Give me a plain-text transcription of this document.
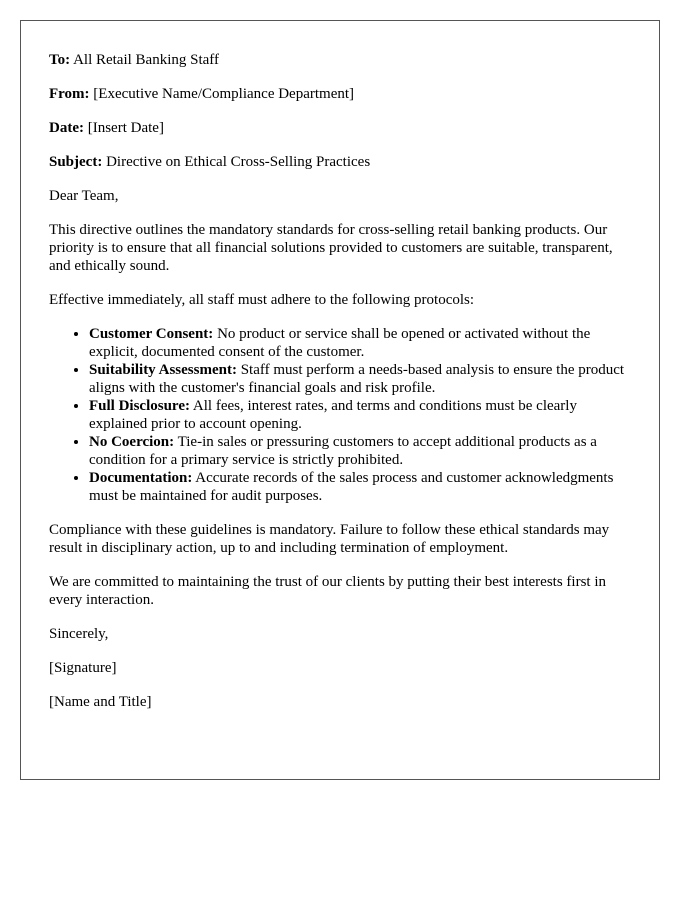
To: All Retail Banking Staff

From: [Executive Name/Compliance Department]

Date: [Insert Date]

Subject: Directive on Ethical Cross-Selling Practices

Dear Team,

This directive outlines the mandatory standards for cross-selling retail banking products. Our priority is to ensure that all financial solutions provided to customers are suitable, transparent, and ethically sound.

Effective immediately, all staff must adhere to the following protocols:

• Customer Consent: No product or service shall be opened or activated without the explicit, documented consent of the customer.
• Suitability Assessment: Staff must perform a needs-based analysis to ensure the product aligns with the customer's financial goals and risk profile.
• Full Disclosure: All fees, interest rates, and terms and conditions must be clearly explained prior to account opening.
• No Coercion: Tie-in sales or pressuring customers to accept additional products as a condition for a primary service is strictly prohibited.
• Documentation: Accurate records of the sales process and customer acknowledgments must be maintained for audit purposes.

Compliance with these guidelines is mandatory. Failure to follow these ethical standards may result in disciplinary action, up to and including termination of employment.

We are committed to maintaining the trust of our clients by putting their best interests first in every interaction.

Sincerely,

[Signature]

[Name and Title]
